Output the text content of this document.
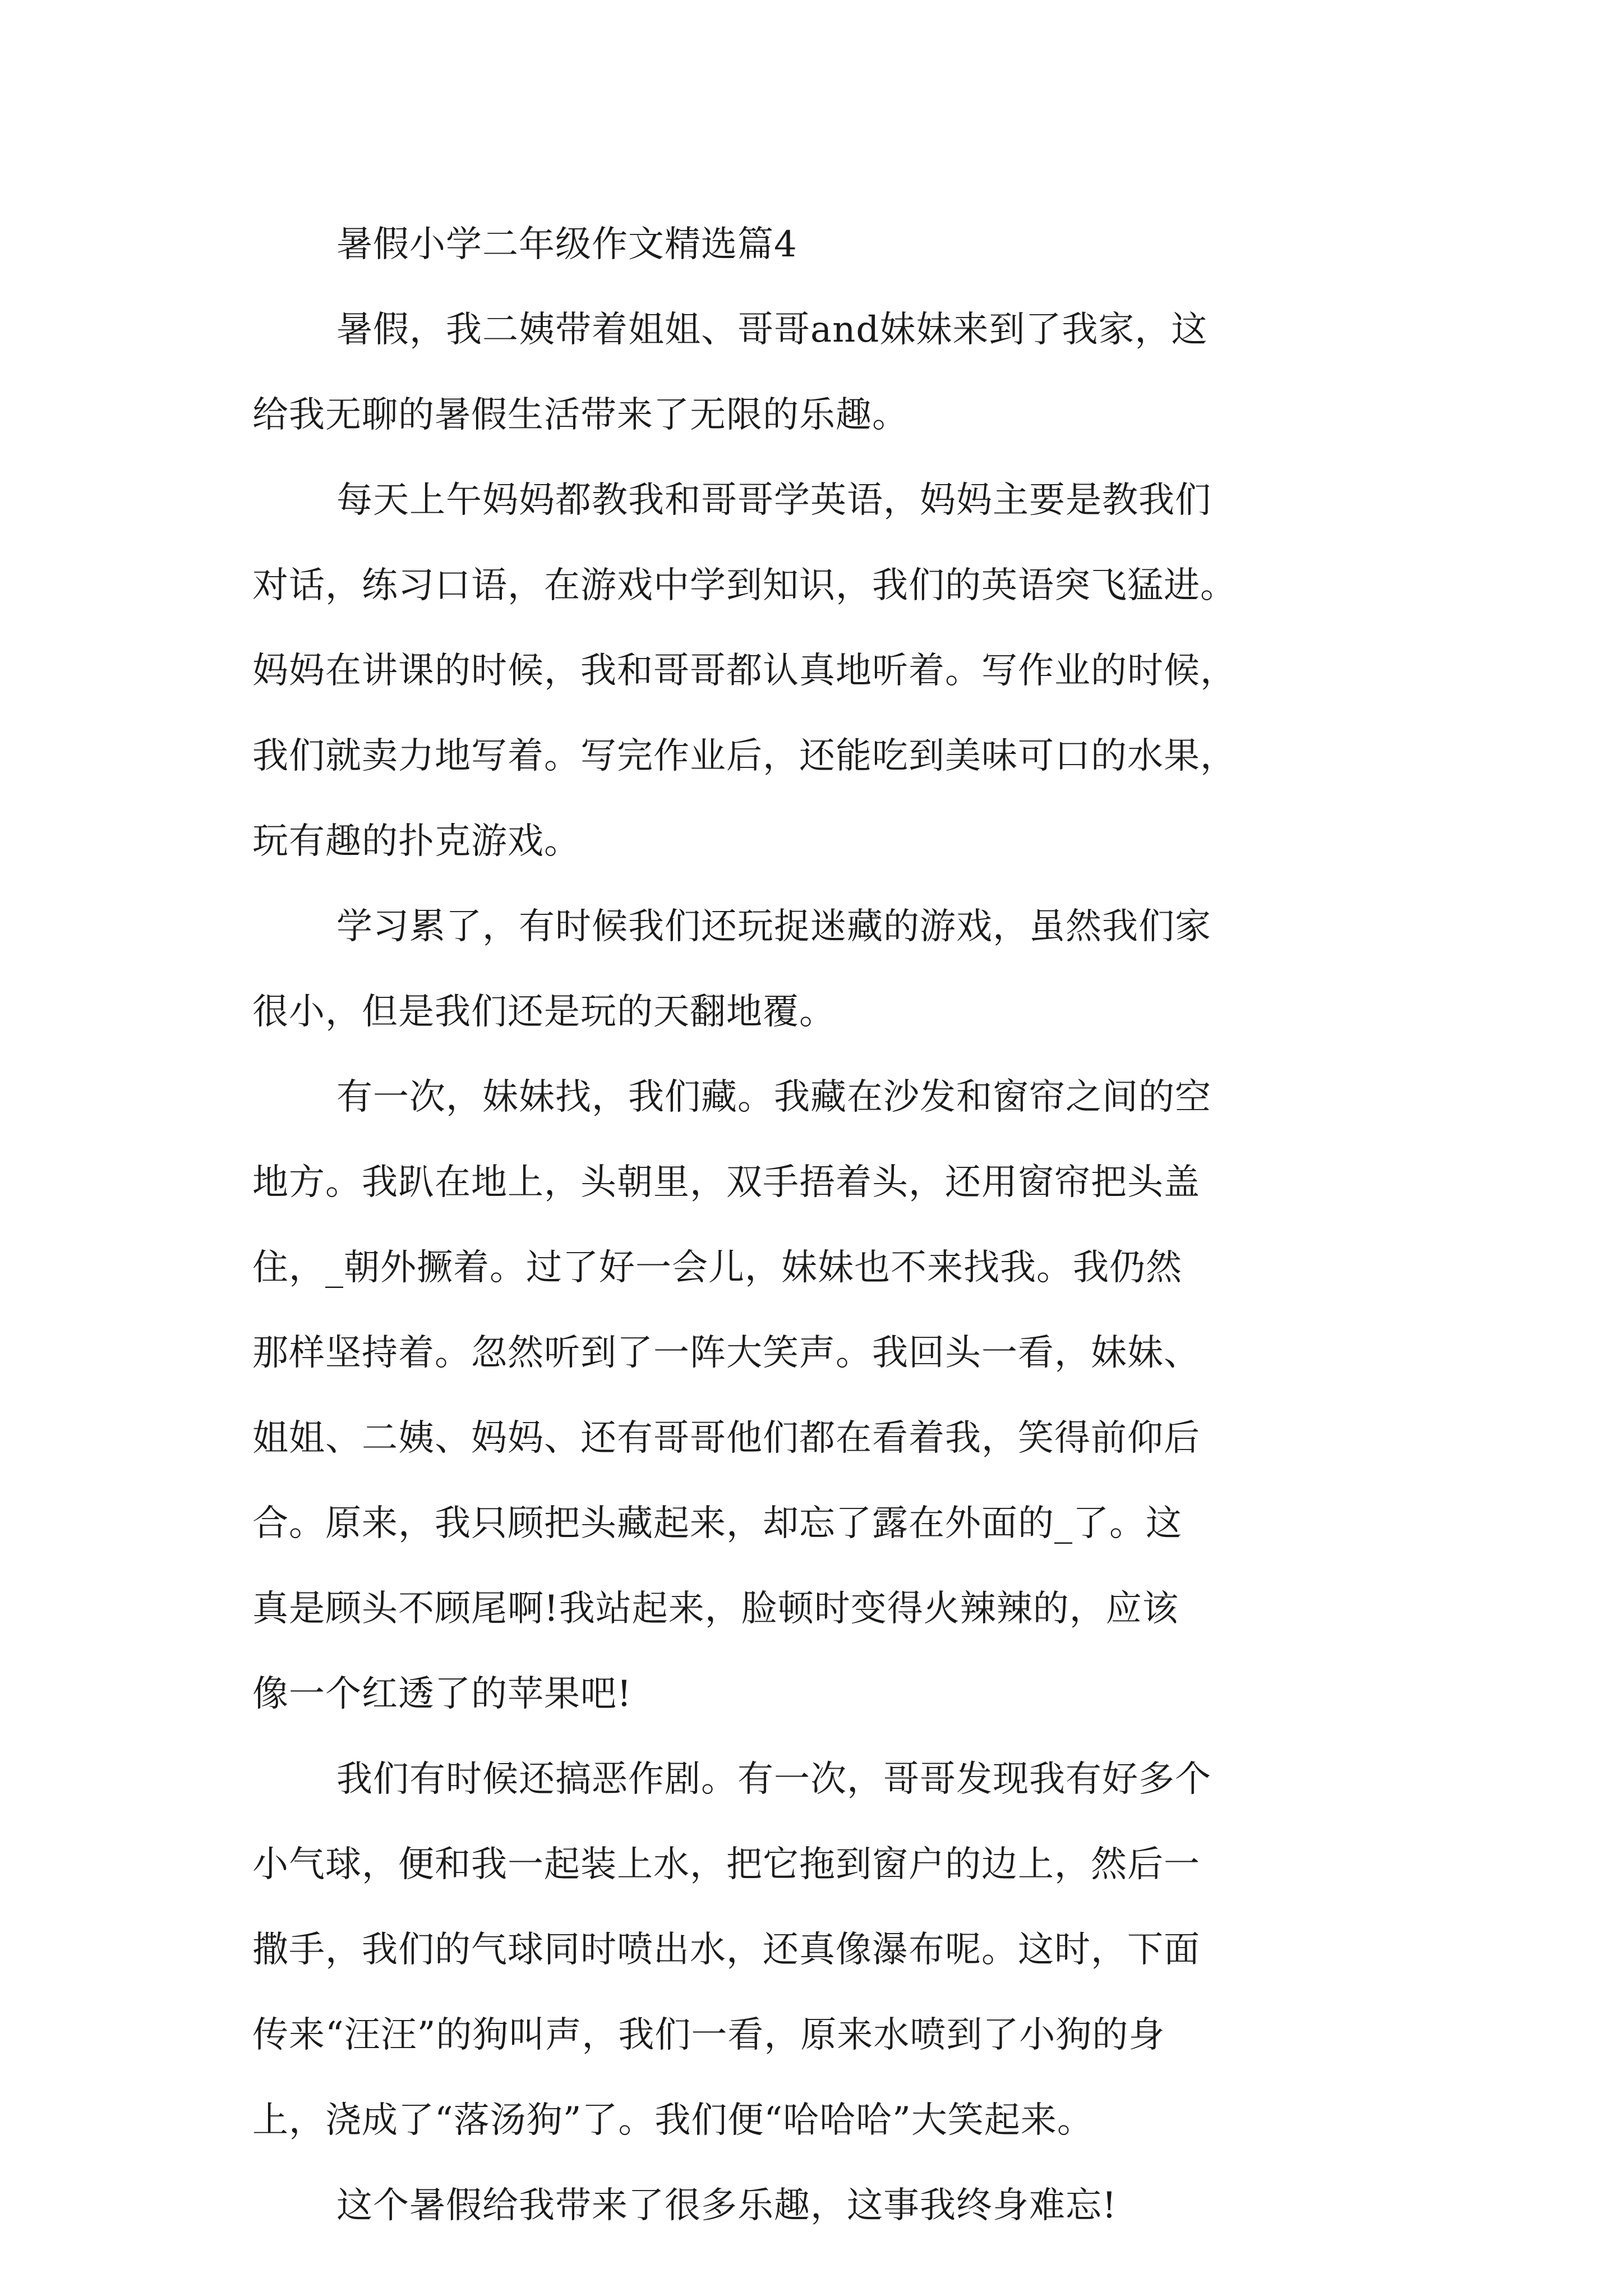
暑假小学二年级作文精选篇4
暑假，我二姨带着姐姐、哥哥and妹妹来到了我家，这
给我无聊的暑假生活带来了无限的乐趣。
每天上午妈妈都教我和哥哥学英语，妈妈主要是教我们
对话，练习口语，在游戏中学到知识，我们的英语突飞猛进。
妈妈在讲课的时候，我和哥哥都认真地听着。写作业的时候，
我们就卖力地写着。写完作业后，还能吃到美味可口的水果，
玩有趣的扑克游戏。
学习累了，有时候我们还玩捉迷藏的游戏，虽然我们家
很小，但是我们还是玩的天翻地覆。
有一次，妹妹找，我们藏。我藏在沙发和窗帘之间的空
地方。我趴在地上，头朝里，双手捂着头，还用窗帘把头盖
住，_朝外撅着。过了好一会儿，妹妹也不来找我。我仍然
那样坚持着。忽然听到了一阵大笑声。我回头一看，妹妹、
姐姐、二姨、妈妈、还有哥哥他们都在看着我，笑得前仰后
合。原来，我只顾把头藏起来，却忘了露在外面的_了。这
真是顾头不顾尾啊!我站起来，脸顿时变得火辣辣的，应该
像一个红透了的苹果吧!
我们有时候还搞恶作剧。有一次，哥哥发现我有好多个
小气球，便和我一起装上水，把它拖到窗户的边上，然后一
撒手，我们的气球同时喷出水，还真像瀑布呢。这时，下面
传来“汪汪”的狗叫声，我们一看，原来水喷到了小狗的身
上，浇成了“落汤狗”了。我们便“哈哈哈”大笑起来。
这个暑假给我带来了很多乐趣，这事我终身难忘!
